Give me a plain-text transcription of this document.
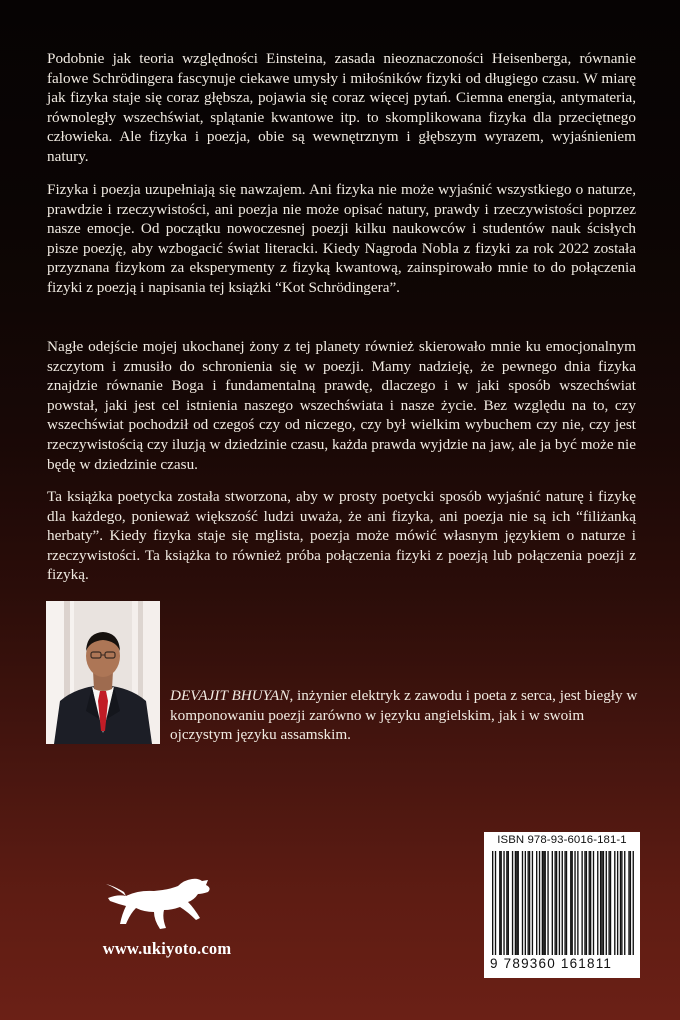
Podobnie jak teoria względności Einsteina, zasada nieoznaczoności Heisenberga, równanie falowe Schrödingera fascynuje ciekawe umysły i miłośników fizyki od długiego czasu. W miarę jak fizyka staje się coraz głębsza, pojawia się coraz więcej pytań. Ciemna energia, antymateria, równoległy wszechświat, splątanie kwantowe itp. to skomplikowana fizyka dla przeciętnego człowieka. Ale fizyka i poezja, obie są wewnętrznym i głębszym wyrazem, wyjaśnieniem natury.

Fizyka i poezja uzupełniają się nawzajem. Ani fizyka nie może wyjaśnić wszystkiego o naturze, prawdzie i rzeczywistości, ani poezja nie może opisać natury, prawdy i rzeczywistości poprzez nasze emocje. Od początku nowoczesnej poezji kilku naukowców i studentów nauk ścisłych pisze poezję, aby wzbogacić świat literacki. Kiedy Nagroda Nobla z fizyki za rok 2022 została przyznana fizykom za eksperymenty z fizyką kwantową, zainspirowało mnie to do połączenia fizyki z poezją i napisania tej książki “Kot Schrödingera”.

Nagłe odejście mojej ukochanej żony z tej planety również skierowało mnie ku emocjonalnym szczytom i zmusiło do schronienia się w poezji. Mamy nadzieję, że pewnego dnia fizyka znajdzie równanie Boga i fundamentalną prawdę, dlaczego i w jaki sposób wszechświat powstał, jaki jest cel istnienia naszego wszechświata i nasze życie. Bez względu na to, czy wszechświat pochodził od czegoś czy od niczego, czy był wielkim wybuchem czy nie, czy jest rzeczywistością czy iluzją w dziedzinie czasu, każda prawda wyjdzie na jaw, ale ja być może nie będę w dziedzinie czasu.

Ta książka poetycka została stworzona, aby w prosty poetycki sposób wyjaśnić naturę i fizykę dla każdego, ponieważ większość ludzi uważa, że ani fizyka, ani poezja nie są ich “filiżanką herbaty”. Kiedy fizyka staje się mglista, poezja może mówić własnym językiem o naturze i rzeczywistości. Ta książka to również próba połączenia fizyki z poezją lub połączenia poezji z fizyką.

DEVAJIT BHUYAN, inżynier elektryk z zawodu i poeta z serca, jest biegły w komponowaniu poezji zarówno w języku angielskim, jak i w swoim ojczystym języku assamskim.

www.ukiyoto.com
ISBN 978-93-6016-181-1
9 789360 161811
